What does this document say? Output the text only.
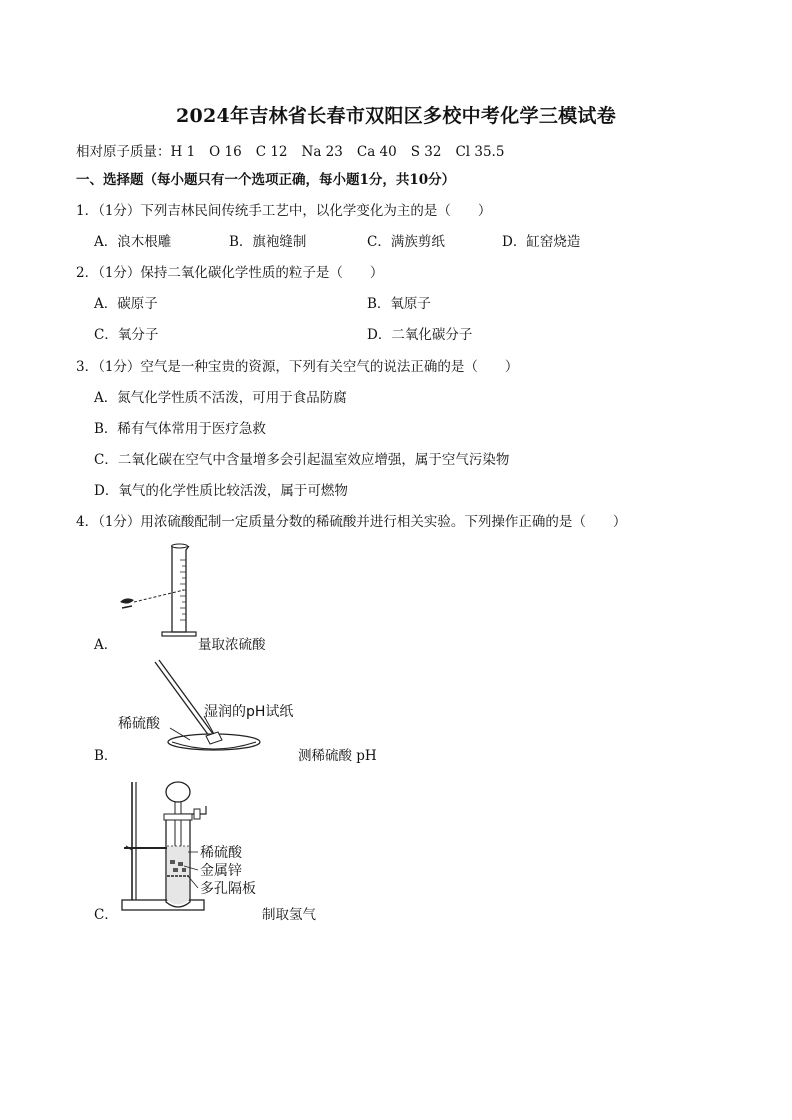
2024年吉林省长春市双阳区多校中考化学三模试卷
相对原子质量：H 1 O 16 C 12 Na 23 Ca 40 S 32 Cl 35.5
一、选择题（每小题只有一个选项正确，每小题1分，共10分）
1．（1分）下列吉林民间传统手工艺中，以化学变化为主的是（　　）
A．浪木根雕	B．旗袍缝制	C．满族剪纸	D．缸窑烧造
2．（1分）保持二氧化碳化学性质的粒子是（　　）
A．碳原子	B．氧原子
C．氧分子	D．二氧化碳分子
3．（1分）空气是一种宝贵的资源，下列有关空气的说法正确的是（　　）
A．氮气化学性质不活泼，可用于食品防腐
B．稀有气体常用于医疗急救
C．二氧化碳在空气中含量增多会引起温室效应增强，属于空气污染物
D．氧气的化学性质比较活泼，属于可燃物
4．（1分）用浓硫酸配制一定质量分数的稀硫酸并进行相关实验。下列操作正确的是（　　）
A．	量取浓硫酸
B．
稀硫酸
湿润的pH试纸
测稀硫酸 pH
C．
稀硫酸
金属锌
多孔隔板
制取氢气
